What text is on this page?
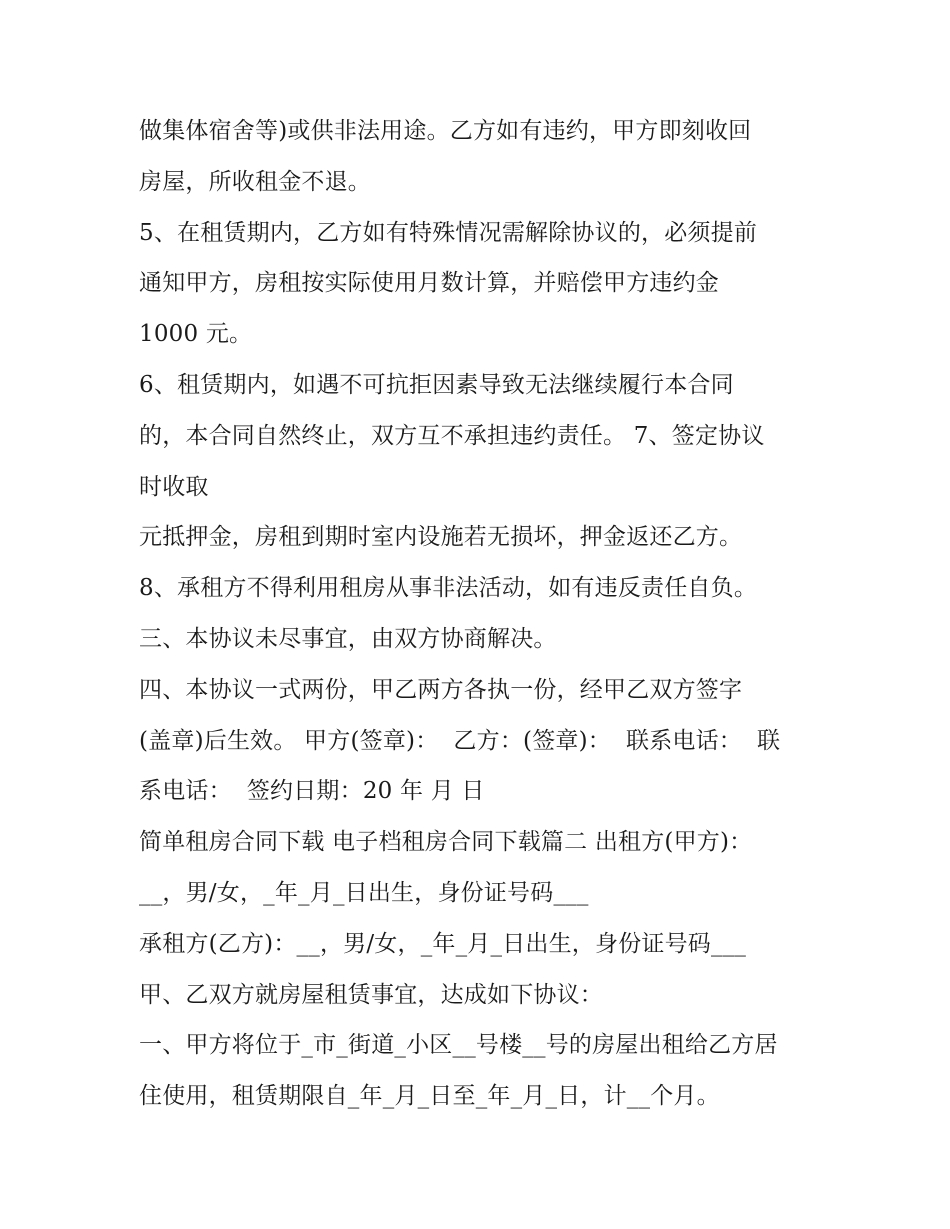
做集体宿舍等)或供非法用途。乙方如有违约，甲方即刻收回
房屋，所收租金不退。
5、在租赁期内，乙方如有特殊情况需解除协议的，必须提前
通知甲方，房租按实际使用月数计算，并赔偿甲方违约金
1000 元。
6、租赁期内，如遇不可抗拒因素导致无法继续履行本合同
的，本合同自然终止，双方互不承担违约责任。 7、签定协议
时收取
元抵押金，房租到期时室内设施若无损坏，押金返还乙方。
8、承租方不得利用租房从事非法活动，如有违反责任自负。
三、本协议未尽事宜，由双方协商解决。
四、本协议一式两份，甲乙两方各执一份，经甲乙双方签字
(盖章)后生效。 甲方(签章)：  乙方：(签章)：  联系电话：  联
系电话：  签约日期：20 年 月 日
简单租房合同下载 电子档租房合同下载篇二 出租方(甲方)：
__，男/女，_年_月_日出生，身份证号码___
承租方(乙方)：__，男/女，_年_月_日出生，身份证号码___
甲、乙双方就房屋租赁事宜，达成如下协议：
一、甲方将位于_市_街道_小区__号楼__号的房屋出租给乙方居
住使用，租赁期限自_年_月_日至_年_月_日，计__个月。
